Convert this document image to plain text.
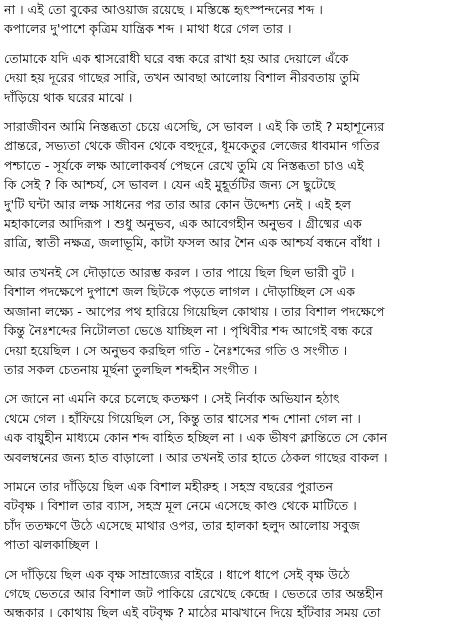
না । এই তো বুকের আওয়াজ রয়েছে । মস্তিষ্কে হৃৎস্পন্দনের শব্দ ।
কপালের দু'পাশে কৃত্রিম যান্ত্রিক শব্দ । মাথা ধরে গেল তার ।
তোমাকে যদি এক শ্বাসরোধী ঘরে বন্ধ করে রাখা হয় আর দেয়ালে এঁকে
দেয়া হয় দূরের গাছের সারি, তখন আবছা আলোয় বিশাল নীরবতায় তুমি
দাঁড়িয়ে থাক ঘরের মাঝে ।
সারাজীবন আমি নিস্তব্ধতা চেয়ে এসেছি, সে ভাবল । এই কি তাই ? মহাশূন্যের
প্রান্তরে, সভ্যতা থেকে জীবন থেকে বহুদূরে, ধূমকেতুর লেজের ধাবমান গতির
পশ্চাতে - সূর্যকে লক্ষ আলোকবর্ষ পেছনে রেখে তুমি যে নিস্তব্ধতা চাও এই
কি সেই ? কি আশ্চর্য, সে ভাবল । যেন এই মুহূর্তটির জন্য সে ছুটেছে
দু'টি ঘন্টা আর লক্ষ সাধনের পর তার আর কোন উদ্দেশ্য নেই । এই হল
মহাকালের আদিরূপ । শুধু অনুভব, এক আবেগহীন অনুভব । গ্রীষ্মের এক
রাত্রি, স্বাতী নক্ষত্র, জলাভূমি, কাটা ফসল আর শৈন এক আশ্চর্য বন্ধনে বাঁধা ।
আর তখনই সে দৌড়াতে আরম্ভ করল । তার পায়ে ছিল ছিল ভারী বুট ।
বিশাল পদক্ষেপে দুপাশে জল ছিটকে পড়তে লাগল । দৌড়াচ্ছিল সে এক
অজানা লক্ষ্যে - আপের পথ হারিয়ে গিয়েছিল কোথায় । তার বিশাল পদক্ষেপে
কিন্তু নৈঃশব্দের নিটোলতা ভেঙে যাচ্ছিল না । পৃথিবীর শব্দ আগেই বন্ধ করে
দেয়া হয়েছিল । সে অনুভব করছিল গতি - নৈঃশব্দের গতি ও সংগীত ।
তার সকল চেতনায় মূর্ছনা তুলছিল শব্দহীন সংগীত ।
সে জানে না এমনি করে চলেছে কতক্ষণ । সেই নির্বাক অভিযান হঠাৎ
থেমে গেল । হাঁফিয়ে গিয়েছিল সে, কিন্তু তার শ্বাসের শব্দ শোনা গেল না ।
এক বায়ুহীন মাধ্যমে কোন শব্দ বাহিত হচ্ছিল না । এক ভীষণ ক্লান্তিতে সে কোন
অবলম্বনের জন্য হাত বাড়ালো । আর তখনই তার হাতে ঠেকল গাছের বাকল ।
সামনে তার দাঁড়িয়ে ছিল এক বিশাল মহীরুহ । সহস্র বছরের পুরাতন
বটবৃক্ষ । বিশাল তার ব্যাস, সহস্র মূল নেমে এসেছে কাণ্ড থেকে মাটিতে ।
চাঁদ ততক্ষণে উঠে এসেছে মাথার ওপর, তার হালকা হলুদ আলোয় সবুজ
পাতা ঝলকাচ্ছিল ।
সে দাঁড়িয়ে ছিল এক বৃক্ষ সাম্রাজ্যের বাইরে । ধাপে ধাপে সেই বৃক্ষ উঠে
গেছে ভেতরে আর বিশাল জট পাকিয়ে রেখেছে কেন্দ্রে । ভেতরে তার অন্তহীন
অন্ধকার । কোথায় ছিল এই বটবৃক্ষ ? মাঠের মাঝখানে দিয়ে হাঁটবার সময় তো
